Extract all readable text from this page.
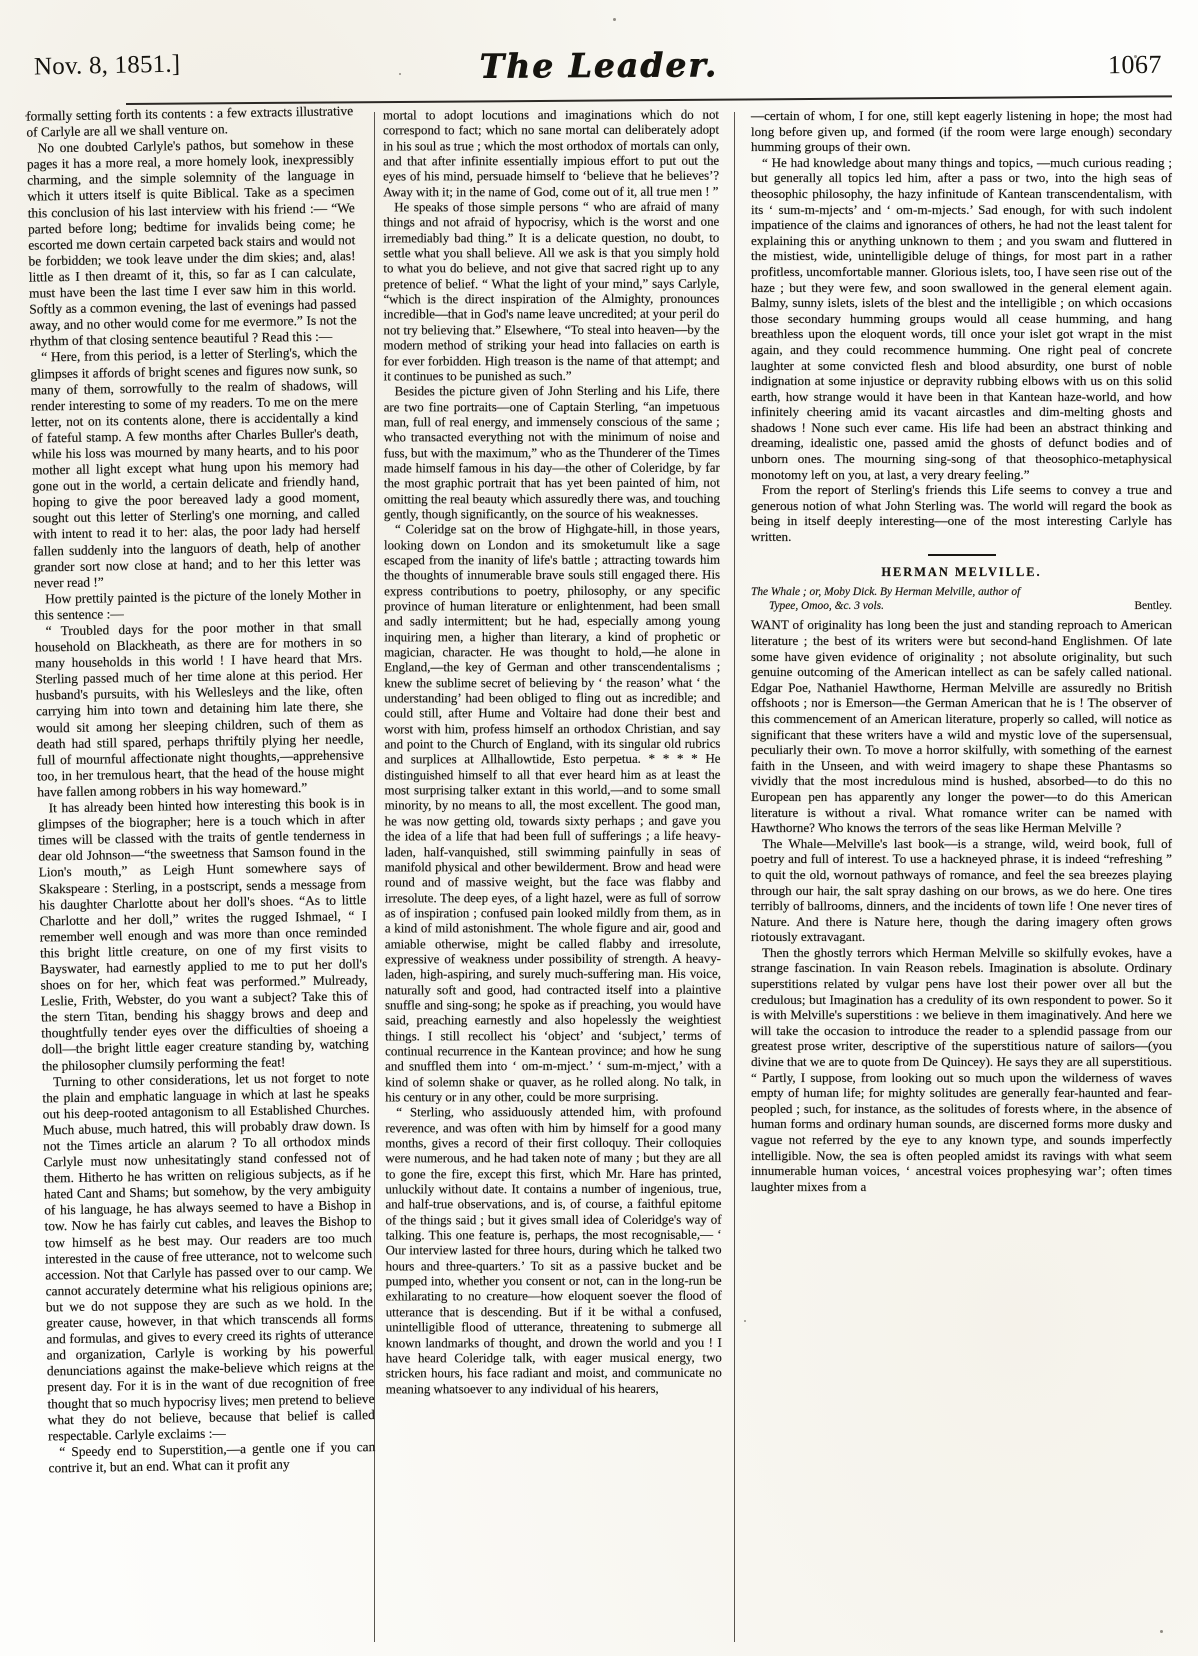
Nov. 8, 1851.]	The Leader.	1067

formally setting forth its contents : a few extracts illustrative of Carlyle are all we shall venture on.

No one doubted Carlyle's pathos, but somehow in these pages it has a more real, a more homely look, inexpressibly charming, and the simple solemnity of the language in which it utters itself is quite Biblical. Take as a specimen this conclusion of his last interview with his friend :— “We parted before long; bedtime for invalids being come; he escorted me down certain carpeted back stairs and would not be forbidden; we took leave under the dim skies; and, alas! little as I then dreamt of it, this, so far as I can calculate, must have been the last time I ever saw him in this world. Softly as a common evening, the last of evenings had passed away, and no other would come for me evermore.” Is not the rhythm of that closing sentence beautiful ? Read this :—

“ Here, from this period, is a letter of Sterling's, which the glimpses it affords of bright scenes and figures now sunk, so many of them, sorrowfully to the realm of shadows, will render interesting to some of my readers. To me on the mere letter, not on its contents alone, there is accidentally a kind of fateful stamp. A few months after Charles Buller's death, while his loss was mourned by many hearts, and to his poor mother all light except what hung upon his memory had gone out in the world, a certain delicate and friendly hand, hoping to give the poor bereaved lady a good moment, sought out this letter of Sterling's one morning, and called with intent to read it to her: alas, the poor lady had herself fallen suddenly into the languors of death, help of another grander sort now close at hand; and to her this letter was never read !”

How prettily painted is the picture of the lonely Mother in this sentence :—

“ Troubled days for the poor mother in that small household on Blackheath, as there are for mothers in so many households in this world ! I have heard that Mrs. Sterling passed much of her time alone at this period. Her husband's pursuits, with his Wellesleys and the like, often carrying him into town and detaining him late there, she would sit among her sleeping children, such of them as death had still spared, perhaps thriftily plying her needle, full of mournful affectionate night thoughts,—apprehensive too, in her tremulous heart, that the head of the house might have fallen among robbers in his way homeward.”

It has already been hinted how interesting this book is in glimpses of the biographer; here is a touch which in after times will be classed with the traits of gentle tenderness in dear old Johnson—“the sweetness that Samson found in the Lion's mouth,” as Leigh Hunt somewhere says of Skakspeare : Sterling, in a postscript, sends a message from his daughter Charlotte about her doll's shoes. “As to little Charlotte and her doll,” writes the rugged Ishmael, “ I remember well enough and was more than once reminded this bright little creature, on one of my first visits to Bayswater, had earnestly applied to me to put her doll's shoes on for her, which feat was performed.” Mulready, Leslie, Frith, Webster, do you want a subject? Take this of the stern Titan, bending his shaggy brows and deep and thoughtfully tender eyes over the difficulties of shoeing a doll—the bright little eager creature standing by, watching the philosopher clumsily performing the feat!

Turning to other considerations, let us not forget to note the plain and emphatic language in which at last he speaks out his deep-rooted antagonism to all Established Churches. Much abuse, much hatred, this will probably draw down. Is not the Times article an alarum ? To all orthodox minds Carlyle must now unhesitatingly stand confessed not of them. Hitherto he has written on religious subjects, as if he hated Cant and Shams; but somehow, by the very ambiguity of his language, he has always seemed to have a Bishop in tow. Now he has fairly cut cables, and leaves the Bishop to tow himself as he best may. Our readers are too much interested in the cause of free utterance, not to welcome such accession. Not that Carlyle has passed over to our camp. We cannot accurately determine what his religious opinions are; but we do not suppose they are such as we hold. In the greater cause, however, in that which transcends all forms and formulas, and gives to every creed its rights of utterance and organization, Carlyle is working by his powerful denunciations against the make-believe which reigns at the present day. For it is in the want of due recognition of free thought that so much hypocrisy lives; men pretend to believe what they do not believe, because that belief is called respectable. Carlyle exclaims :—

“ Speedy end to Superstition,—a gentle one if you can contrive it, but an end. What can it profit any

mortal to adopt locutions and imaginations which do not correspond to fact; which no sane mortal can deliberately adopt in his soul as true ; which the most orthodox of mortals can only, and that after infinite essentially impious effort to put out the eyes of his mind, persuade himself to ‘believe that he believes’? Away with it; in the name of God, come out of it, all true men ! ”

He speaks of those simple persons “ who are afraid of many things and not afraid of hypocrisy, which is the worst and one irremediably bad thing.” It is a delicate question, no doubt, to settle what you shall believe. All we ask is that you simply hold to what you do believe, and not give that sacred right up to any pretence of belief. “ What the light of your mind,” says Carlyle, “which is the direct inspiration of the Almighty, pronounces incredible—that in God's name leave uncredited; at your peril do not try believing that.” Elsewhere, “To steal into heaven—by the modern method of striking your head into fallacies on earth is for ever forbidden. High treason is the name of that attempt; and it continues to be punished as such.”

Besides the picture given of John Sterling and his Life, there are two fine portraits—one of Captain Sterling, “an impetuous man, full of real energy, and immensely conscious of the same ; who transacted everything not with the minimum of noise and fuss, but with the maximum,” who as the Thunderer of the Times made himself famous in his day—the other of Coleridge, by far the most graphic portrait that has yet been painted of him, not omitting the real beauty which assuredly there was, and touching gently, though significantly, on the source of his weaknesses.

“ Coleridge sat on the brow of Highgate-hill, in those years, looking down on London and its smoketumult like a sage escaped from the inanity of life's battle ; attracting towards him the thoughts of innumerable brave souls still engaged there. His express contributions to poetry, philosophy, or any specific province of human literature or enlightenment, had been small and sadly intermittent; but he had, especially among young inquiring men, a higher than literary, a kind of prophetic or magician, character. He was thought to hold,—he alone in England,—the key of German and other transcendentalisms ; knew the sublime secret of believing by ‘ the reason’ what ‘ the understanding’ had been obliged to fling out as incredible; and could still, after Hume and Voltaire had done their best and worst with him, profess himself an orthodox Christian, and say and point to the Church of England, with its singular old rubrics and surplices at Allhallowtide, Esto perpetua. * * * * He distinguished himself to all that ever heard him as at least the most surprising talker extant in this world,—and to some small minority, by no means to all, the most excellent. The good man, he was now getting old, towards sixty perhaps ; and gave you the idea of a life that had been full of sufferings ; a life heavy-laden, half-vanquished, still swimming painfully in seas of manifold physical and other bewilderment. Brow and head were round and of massive weight, but the face was flabby and irresolute. The deep eyes, of a light hazel, were as full of sorrow as of inspiration ; confused pain looked mildly from them, as in a kind of mild astonishment. The whole figure and air, good and amiable otherwise, might be called flabby and irresolute, expressive of weakness under possibility of strength. A heavy-laden, high-aspiring, and surely much-suffering man. His voice, naturally soft and good, had contracted itself into a plaintive snuffle and sing-song; he spoke as if preaching, you would have said, preaching earnestly and also hopelessly the weightiest things. I still recollect his ‘object’ and ‘subject,’ terms of continual recurrence in the Kantean province; and how he sung and snuffled them into ‘ om-m-mject.’ ‘ sum-m-mject,’ with a kind of solemn shake or quaver, as he rolled along. No talk, in his century or in any other, could be more surprising.

“ Sterling, who assiduously attended him, with profound reverence, and was often with him by himself for a good many months, gives a record of their first colloquy. Their colloquies were numerous, and he had taken note of many ; but they are all to gone the fire, except this first, which Mr. Hare has printed, unluckily without date. It contains a number of ingenious, true, and half-true observations, and is, of course, a faithful epitome of the things said ; but it gives small idea of Coleridge's way of talking. This one feature is, perhaps, the most recognisable,— ‘ Our interview lasted for three hours, during which he talked two hours and three-quarters.’ To sit as a passive bucket and be pumped into, whether you consent or not, can in the long-run be exhilarating to no creature—how eloquent soever the flood of utterance that is descending. But if it be withal a confused, unintelligible flood of utterance, threatening to submerge all known landmarks of thought, and drown the world and you ! I have heard Coleridge talk, with eager musical energy, two stricken hours, his face radiant and moist, and communicate no meaning whatsoever to any individual of his hearers,

—certain of whom, I for one, still kept eagerly listening in hope; the most had long before given up, and formed (if the room were large enough) secondary humming groups of their own.

“ He had knowledge about many things and topics, —much curious reading ; but generally all topics led him, after a pass or two, into the high seas of theosophic philosophy, the hazy infinitude of Kantean transcendentalism, with its ‘ sum-m-mjects’ and ‘ om-m-mjects.’ Sad enough, for with such indolent impatience of the claims and ignorances of others, he had not the least talent for explaining this or anything unknown to them ; and you swam and fluttered in the mistiest, wide, unintelligible deluge of things, for most part in a rather profitless, uncomfortable manner. Glorious islets, too, I have seen rise out of the haze ; but they were few, and soon swallowed in the general element again. Balmy, sunny islets, islets of the blest and the intelligible ; on which occasions those secondary humming groups would all cease humming, and hang breathless upon the eloquent words, till once your islet got wrapt in the mist again, and they could recommence humming. One right peal of concrete laughter at some convicted flesh and blood absurdity, one burst of noble indignation at some injustice or depravity rubbing elbows with us on this solid earth, how strange would it have been in that Kantean haze-world, and how infinitely cheering amid its vacant aircastles and dim-melting ghosts and shadows ! None such ever came. His life had been an abstract thinking and dreaming, idealistic one, passed amid the ghosts of defunct bodies and of unborn ones. The mourning sing-song of that theosophico-metaphysical monotomy left on you, at last, a very dreary feeling.”

From the report of Sterling's friends this Life seems to convey a true and generous notion of what John Sterling was. The world will regard the book as being in itself deeply interesting—one of the most interesting Carlyle has written.

HERMAN MELVILLE.
The Whale ; or, Moby Dick. By Herman Melville, author of
Typee, Omoo, &c. 3 vols.	Bentley.

WANT of originality has long been the just and standing reproach to American literature ; the best of its writers were but second-hand Englishmen. Of late some have given evidence of originality ; not absolute originality, but such genuine outcoming of the American intellect as can be safely called national. Edgar Poe, Nathaniel Hawthorne, Herman Melville are assuredly no British offshoots ; nor is Emerson—the German American that he is ! The observer of this commencement of an American literature, properly so called, will notice as significant that these writers have a wild and mystic love of the supersensual, peculiarly their own. To move a horror skilfully, with something of the earnest faith in the Unseen, and with weird imagery to shape these Phantasms so vividly that the most incredulous mind is hushed, absorbed—to do this no European pen has apparently any longer the power—to do this American literature is without a rival. What romance writer can be named with Hawthorne? Who knows the terrors of the seas like Herman Melville ?

The Whale—Melville's last book—is a strange, wild, weird book, full of poetry and full of interest. To use a hackneyed phrase, it is indeed “refreshing ” to quit the old, wornout pathways of romance, and feel the sea breezes playing through our hair, the salt spray dashing on our brows, as we do here. One tires terribly of ballrooms, dinners, and the incidents of town life ! One never tires of Nature. And there is Nature here, though the daring imagery often grows riotously extravagant.

Then the ghostly terrors which Herman Melville so skilfully evokes, have a strange fascination. In vain Reason rebels. Imagination is absolute. Ordinary superstitions related by vulgar pens have lost their power over all but the credulous; but Imagination has a credulity of its own respondent to power. So it is with Melville's superstitions : we believe in them imaginatively. And here we will take the occasion to introduce the reader to a splendid passage from our greatest prose writer, descriptive of the superstitious nature of sailors—(you divine that we are to quote from De Quincey). He says they are all superstitious. “ Partly, I suppose, from looking out so much upon the wilderness of waves empty of human life; for mighty solitudes are generally fear-haunted and fear-peopled ; such, for instance, as the solitudes of forests where, in the absence of human forms and ordinary human sounds, are discerned forms more dusky and vague not referred by the eye to any known type, and sounds imperfectly intelligible. Now, the sea is often peopled amidst its ravings with what seem innumerable human voices, ‘ ancestral voices prophesying war’; often times laughter mixes from a
